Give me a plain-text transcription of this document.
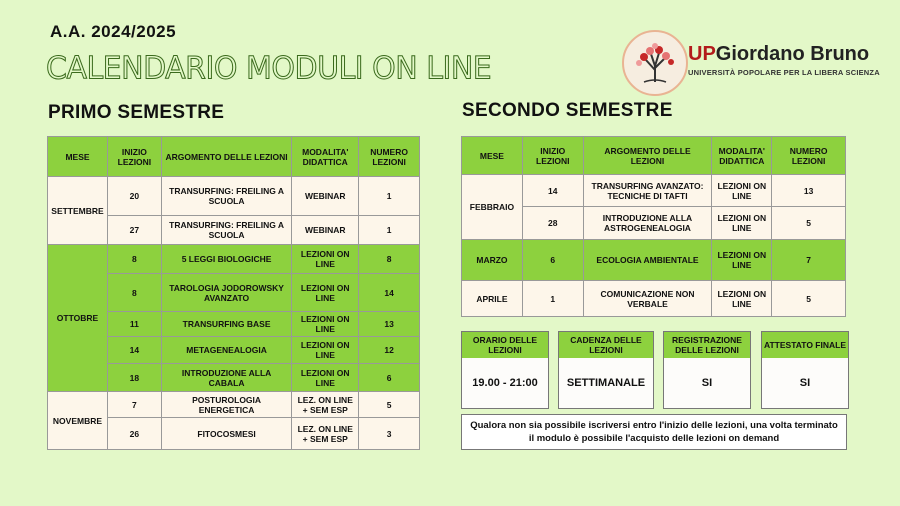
A.A. 2024/2025
CALENDARIO MODULI ON LINE	UPGiordano Bruno
UNIVERSITÀ POPOLARE PER LA LIBERA SCIENZA
PRIMO SEMESTRE	SECONDO SEMESTRE
MESE	INIZIO LEZIONI	ARGOMENTO DELLE LEZIONI	MODALITA' DIDATTICA	NUMERO LEZIONI
SETTEMBRE	20	TRANSURFING: FREILING A SCUOLA	WEBINAR	1
	27	TRANSURFING: FREILING A SCUOLA	WEBINAR	1
OTTOBRE	8	5 LEGGI BIOLOGICHE	LEZIONI ON LINE	8
	8	TAROLOGIA JODOROWSKY AVANZATO	LEZIONI ON LINE	14
	11	TRANSURFING BASE	LEZIONI ON LINE	13
	14	METAGENEALOGIA	LEZIONI ON LINE	12
	18	INTRODUZIONE ALLA CABALA	LEZIONI ON LINE	6
NOVEMBRE	7	POSTUROLOGIA ENERGETICA	LEZ. ON LINE + SEM ESP	5
	26	FITOCOSMESI	LEZ. ON LINE + SEM ESP	3
MESE	INIZIO LEZIONI	ARGOMENTO DELLE LEZIONI	MODALITA' DIDATTICA	NUMERO LEZIONI
FEBBRAIO	14	TRANSURFING AVANZATO: TECNICHE DI TAFTI	LEZIONI ON LINE	13
	28	INTRODUZIONE ALLA ASTROGENEALOGIA	LEZIONI ON LINE	5
MARZO	6	ECOLOGIA AMBIENTALE	LEZIONI ON LINE	7
APRILE	1	COMUNICAZIONE NON VERBALE	LEZIONI ON LINE	5
ORARIO DELLE LEZIONI
19.00 - 21:00
CADENZA DELLE LEZIONI
SETTIMANALE
REGISTRAZIONE DELLE LEZIONI
SI
ATTESTATO FINALE
SI
Qualora non sia possibile iscriversi entro l'inizio delle lezioni, una volta terminato il modulo è possibile l'acquisto delle lezioni on demand
